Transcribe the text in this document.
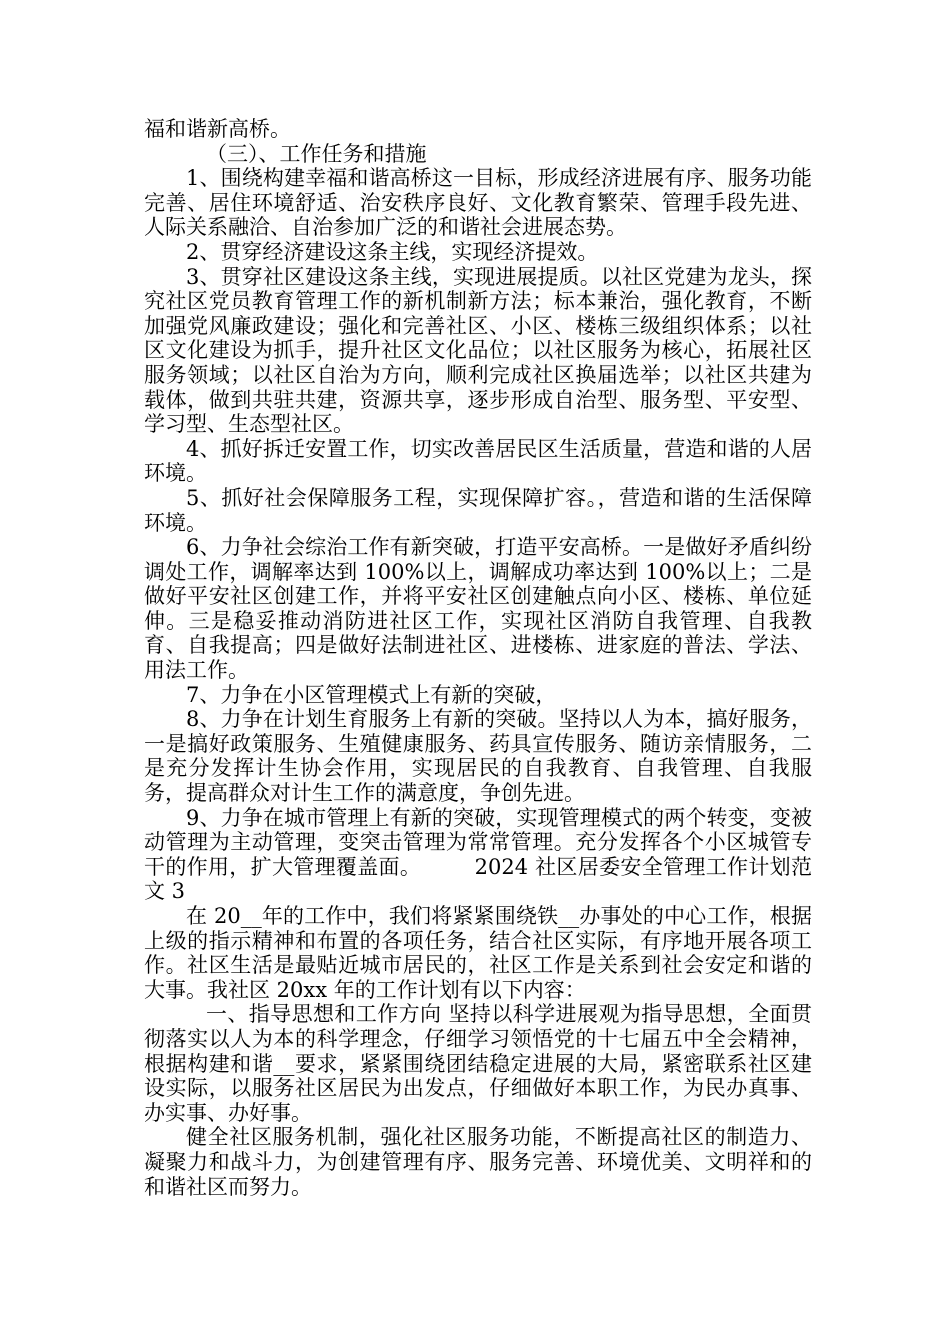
福和谐新高桥。

（三）、工作任务和措施

1、围绕构建幸福和谐高桥这一目标，形成经济进展有序、服务功能完善、居住环境舒适、治安秩序良好、文化教育繁荣、管理手段先进、人际关系融洽、自治参加广泛的和谐社会进展态势。

2、贯穿经济建设这条主线，实现经济提效。

3、贯穿社区建设这条主线，实现进展提质。以社区党建为龙头，探究社区党员教育管理工作的新机制新方法；标本兼治，强化教育，不断加强党风廉政建设；强化和完善社区、小区、楼栋三级组织体系；以社区文化建设为抓手，提升社区文化品位；以社区服务为核心，拓展社区服务领域；以社区自治为方向，顺利完成社区换届选举；以社区共建为载体，做到共驻共建，资源共享，逐步形成自治型、服务型、平安型、学习型、生态型社区。

4、抓好拆迁安置工作，切实改善居民区生活质量，营造和谐的人居环境。

5、抓好社会保障服务工程，实现保障扩容。，营造和谐的生活保障环境。

6、力争社会综治工作有新突破，打造平安高桥。一是做好矛盾纠纷调处工作，调解率达到 100%以上，调解成功率达到 100%以上；二是做好平安社区创建工作，并将平安社区创建触点向小区、楼栋、单位延伸。三是稳妥推动消防进社区工作，实现社区消防自我管理、自我教育、自我提高；四是做好法制进社区、进楼栋、进家庭的普法、学法、用法工作。

7、力争在小区管理模式上有新的突破，

8、力争在计划生育服务上有新的突破。坚持以人为本，搞好服务，一是搞好政策服务、生殖健康服务、药具宣传服务、随访亲情服务，二是充分发挥计生协会作用，实现居民的自我教育、自我管理、自我服务，提高群众对计生工作的满意度，争创先进。

9、力争在城市管理上有新的突破，实现管理模式的两个转变，变被动管理为主动管理，变突击管理为常常管理。充分发挥各个小区城管专干的作用，扩大管理覆盖面。　　　2024 社区居委安全管理工作计划范文 3

在 20__年的工作中，我们将紧紧围绕铁__办事处的中心工作，根据上级的指示精神和布置的各项任务，结合社区实际，有序地开展各项工作。社区生活是最贴近城市居民的，社区工作是关系到社会安定和谐的大事。我社区 20xx 年的工作计划有以下内容：

一、指导思想和工作方向 坚持以科学进展观为指导思想，全面贯彻落实以人为本的科学理念，仔细学习领悟党的十七届五中全会精神，根据构建和谐__要求，紧紧围绕团结稳定进展的大局，紧密联系社区建设实际，以服务社区居民为出发点，仔细做好本职工作，为民办真事、办实事、办好事。

健全社区服务机制，强化社区服务功能，不断提高社区的制造力、凝聚力和战斗力，为创建管理有序、服务完善、环境优美、文明祥和的和谐社区而努力。
